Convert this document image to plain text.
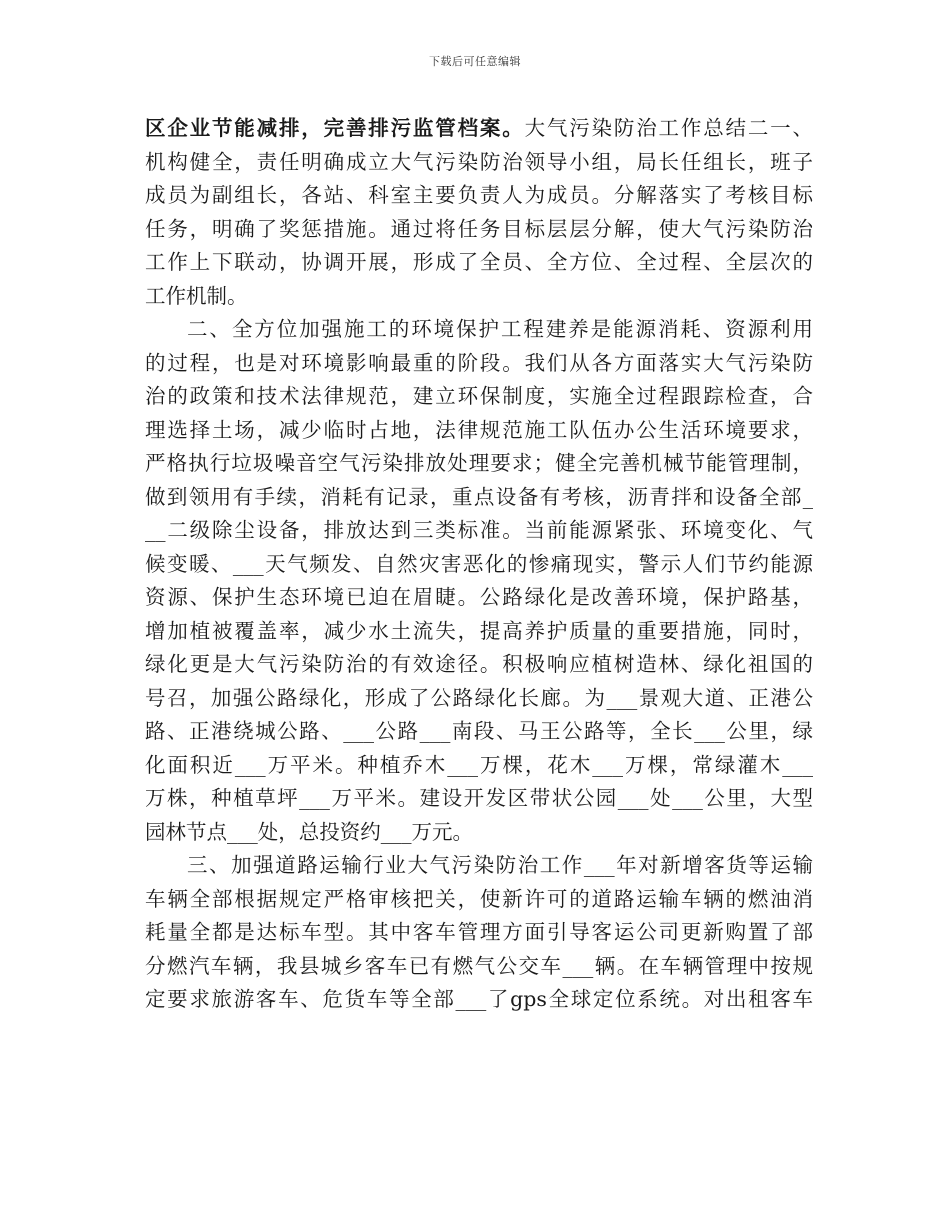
下载后可任意编辑
区企业节能减排，完善排污监管档案。大气污染防治工作总结二一、
机构健全，责任明确成立大气污染防治领导小组，局长任组长，班子
成员为副组长，各站、科室主要负责人为成员。分解落实了考核目标
任务，明确了奖惩措施。通过将任务目标层层分解，使大气污染防治
工作上下联动，协调开展，形成了全员、全方位、全过程、全层次的
工作机制。
二、全方位加强施工的环境保护工程建养是能源消耗、资源利用
的过程，也是对环境影响最重的阶段。我们从各方面落实大气污染防
治的政策和技术法律规范，建立环保制度，实施全过程跟踪检查，合
理选择土场，减少临时占地，法律规范施工队伍办公生活环境要求，
严格执行垃圾噪音空气污染排放处理要求；健全完善机械节能管理制，
做到领用有手续，消耗有记录，重点设备有考核，沥青拌和设备全部_
__二级除尘设备，排放达到三类标准。当前能源紧张、环境变化、气
候变暖、___天气频发、自然灾害恶化的惨痛现实，警示人们节约能源
资源、保护生态环境已迫在眉睫。公路绿化是改善环境，保护路基，
增加植被覆盖率，减少水土流失，提高养护质量的重要措施，同时，
绿化更是大气污染防治的有效途径。积极响应植树造林、绿化祖国的
号召，加强公路绿化，形成了公路绿化长廊。为___景观大道、正港公
路、正港绕城公路、___公路___南段、马王公路等，全长___公里，绿
化面积近___万平米。种植乔木___万棵，花木___万棵，常绿灌木___
万株，种植草坪___万平米。建设开发区带状公园___处___公里，大型
园林节点___处，总投资约___万元。
三、加强道路运输行业大气污染防治工作___年对新增客货等运输
车辆全部根据规定严格审核把关，使新许可的道路运输车辆的燃油消
耗量全都是达标车型。其中客车管理方面引导客运公司更新购置了部
分燃汽车辆，我县城乡客车已有燃气公交车___辆。在车辆管理中按规
定要求旅游客车、危货车等全部___了gps全球定位系统。对出租客车
